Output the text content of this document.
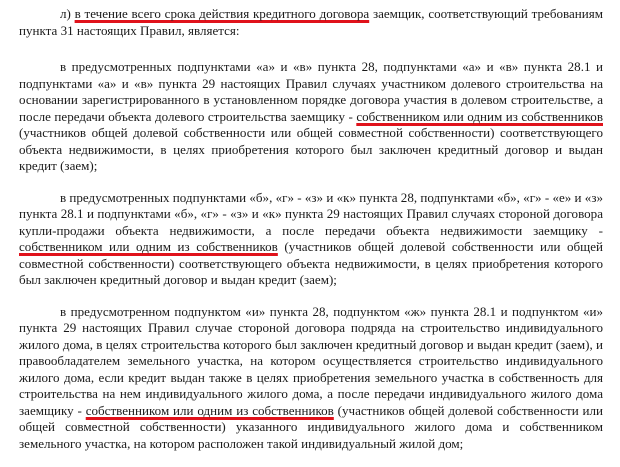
л) в течение всего срока действия кредитного договора заемщик, соответствующий требованиям пункта 31 настоящих Правил, является:

в предусмотренных подпунктами «а» и «в» пункта 28, подпунктами «а» и «в» пункта 28.1 и подпунктами «а» и «в» пункта 29 настоящих Правил случаях участником долевого строительства на основании зарегистрированного в установленном порядке договора участия в долевом строительстве, а после передачи объекта долевого строительства заемщику - собственником или одним из собственников (участников общей долевой собственности или общей совместной собственности) соответствующего объекта недвижимости, в целях приобретения которого был заключен кредитный договор и выдан кредит (заем);

в предусмотренных подпунктами «б», «г» - «з» и «к» пункта 28, подпунктами «б», «г» - «е» и «з» пункта 28.1 и подпунктами «б», «г» - «з» и «к» пункта 29 настоящих Правил случаях стороной договора купли-продажи объекта недвижимости, а после передачи объекта недвижимости заемщику - собственником или одним из собственников (участников общей долевой собственности или общей совместной собственности) соответствующего объекта недвижимости, в целях приобретения которого был заключен кредитный договор и выдан кредит (заем);

в предусмотренном подпунктом «и» пункта 28, подпунктом «ж» пункта 28.1 и подпунктом «и» пункта 29 настоящих Правил случае стороной договора подряда на строительство индивидуального жилого дома, в целях строительства которого был заключен кредитный договор и выдан кредит (заем), и правообладателем земельного участка, на котором осуществляется строительство индивидуального жилого дома, если кредит выдан также в целях приобретения земельного участка в собственность для строительства на нем индивидуального жилого дома, а после передачи индивидуального жилого дома заемщику - собственником или одним из собственников (участников общей долевой собственности или общей совместной собственности) указанного индивидуального жилого дома и собственником земельного участка, на котором расположен такой индивидуальный жилой дом;
